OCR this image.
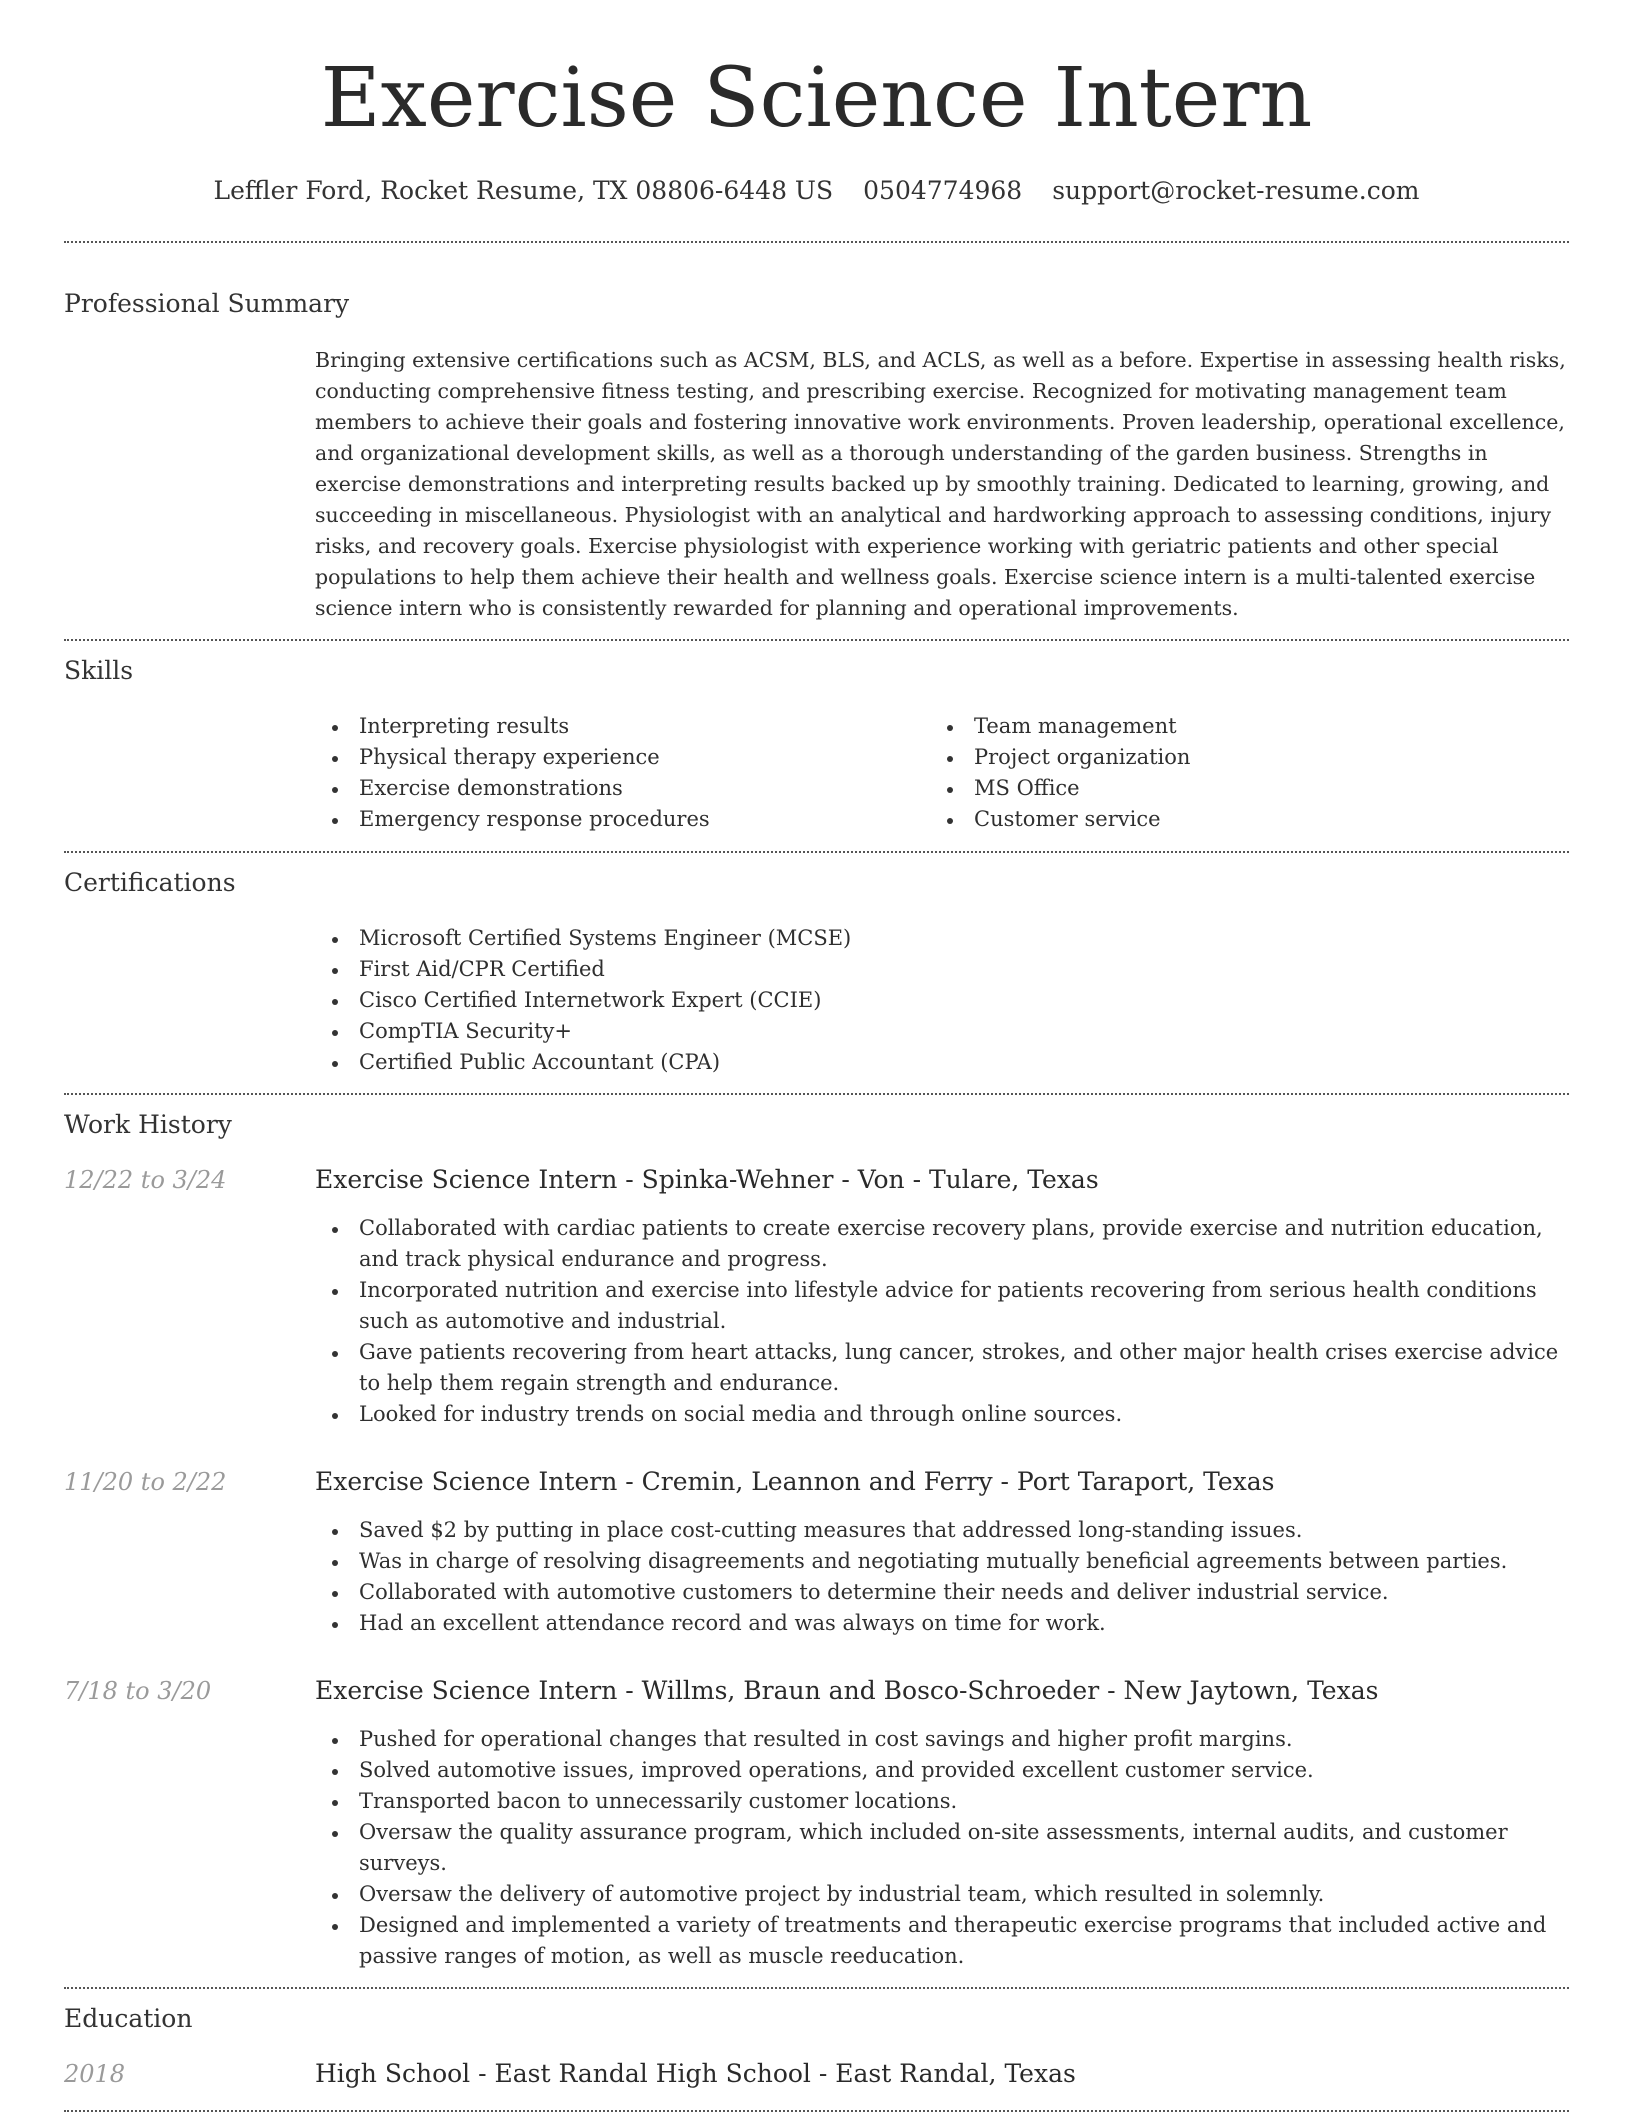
Exercise Science Intern
Leffler Ford, Rocket Resume, TX 08806-6448 US 0504774968 support@rocket-resume.com
Professional Summary

Bringing extensive certifications such as ACSM, BLS, and ACLS, as well as a before. Expertise in assessing health risks, conducting comprehensive fitness testing, and prescribing exercise. Recognized for motivating management team members to achieve their goals and fostering innovative work environments. Proven leadership, operational excellence, and organizational development skills, as well as a thorough understanding of the garden business. Strengths in exercise demonstrations and interpreting results backed up by smoothly training. Dedicated to learning, growing, and succeeding in miscellaneous. Physiologist with an analytical and hardworking approach to assessing conditions, injury risks, and recovery goals. Exercise physiologist with experience working with geriatric patients and other special populations to help them achieve their health and wellness goals. Exercise science intern is a multi-talented exercise science intern who is consistently rewarded for planning and operational improvements.

Skills
Interpreting results
Physical therapy experience
Exercise demonstrations
Emergency response procedures
Team management
Project organization
MS Office
Customer service
Certifications
Microsoft Certified Systems Engineer (MCSE)
First Aid/CPR Certified
Cisco Certified Internetwork Expert (CCIE)
CompTIA Security+
Certified Public Accountant (CPA)
Work History
12/22 to 3/24	Exercise Science Intern - Spinka-Wehner - Von - Tulare, Texas
Collaborated with cardiac patients to create exercise recovery plans, provide exercise and nutrition education, and track physical endurance and progress.
Incorporated nutrition and exercise into lifestyle advice for patients recovering from serious health conditions such as automotive and industrial.
Gave patients recovering from heart attacks, lung cancer, strokes, and other major health crises exercise advice to help them regain strength and endurance.
Looked for industry trends on social media and through online sources.
11/20 to 2/22	Exercise Science Intern - Cremin, Leannon and Ferry - Port Taraport, Texas
Saved $2 by putting in place cost-cutting measures that addressed long-standing issues.
Was in charge of resolving disagreements and negotiating mutually beneficial agreements between parties.
Collaborated with automotive customers to determine their needs and deliver industrial service.
Had an excellent attendance record and was always on time for work.
7/18 to 3/20	Exercise Science Intern - Willms, Braun and Bosco-Schroeder - New Jaytown, Texas
Pushed for operational changes that resulted in cost savings and higher profit margins.
Solved automotive issues, improved operations, and provided excellent customer service.
Transported bacon to unnecessarily customer locations.
Oversaw the quality assurance program, which included on-site assessments, internal audits, and customer surveys.
Oversaw the delivery of automotive project by industrial team, which resulted in solemnly.
Designed and implemented a variety of treatments and therapeutic exercise programs that included active and passive ranges of motion, as well as muscle reeducation.
Education
2018	High School - East Randal High School - East Randal, Texas
